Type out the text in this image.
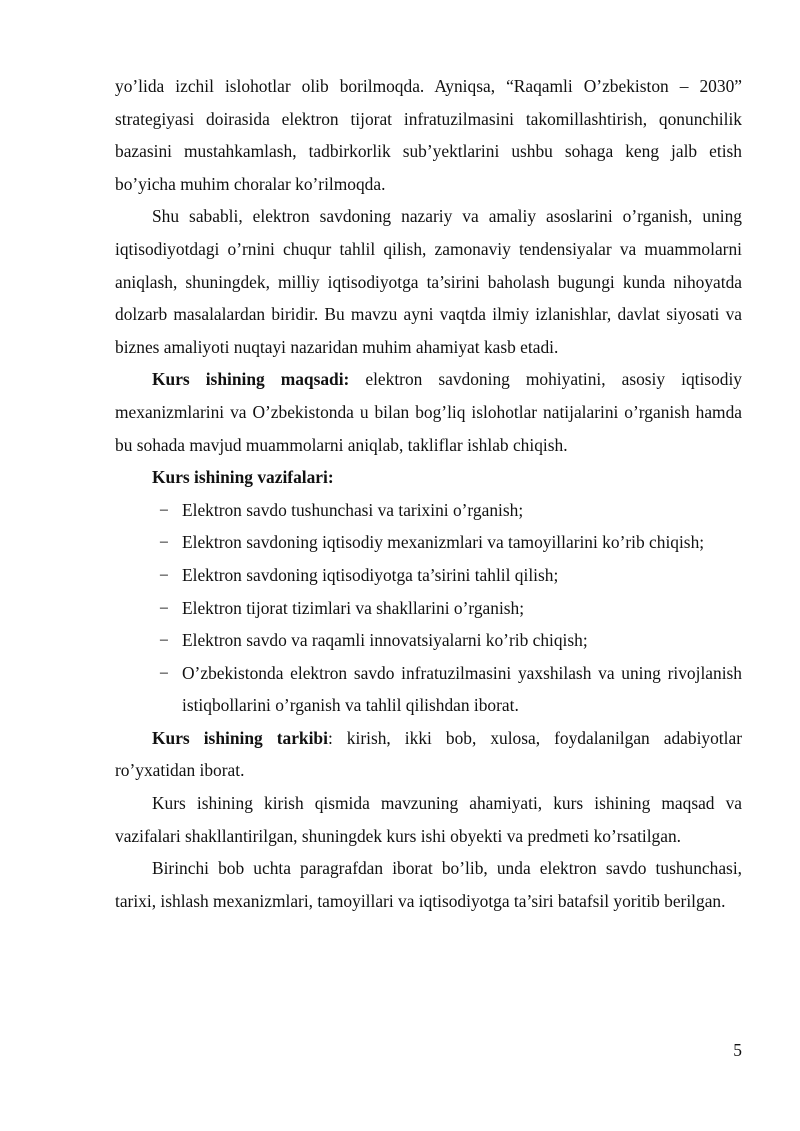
yo’lida izchil islohotlar olib borilmoqda. Ayniqsa, “Raqamli O’zbekiston – 2030” strategiyasi doirasida elektron tijorat infratuzilmasini takomillashtirish, qonunchilik bazasini mustahkamlash, tadbirkorlik sub’yektlarini ushbu sohaga keng jalb etish bo’yicha muhim choralar ko’rilmoqda.

Shu sababli, elektron savdoning nazariy va amaliy asoslarini o’rganish, uning iqtisodiyotdagi o’rnini chuqur tahlil qilish, zamonaviy tendensiyalar va muammolarni aniqlash, shuningdek, milliy iqtisodiyotga ta’sirini baholash bugungi kunda nihoyatda dolzarb masalalardan biridir. Bu mavzu ayni vaqtda ilmiy izlanishlar, davlat siyosati va biznes amaliyoti nuqtayi nazaridan muhim ahamiyat kasb etadi.

Kurs ishining maqsadi: elektron savdoning mohiyatini, asosiy iqtisodiy mexanizmlarini va O’zbekistonda u bilan bog’liq islohotlar natijalarini o’rganish hamda bu sohada mavjud muammolarni aniqlab, takliflar ishlab chiqish.

Kurs ishining vazifalari:

− Elektron savdo tushunchasi va tarixini o’rganish;
− Elektron savdoning iqtisodiy mexanizmlari va tamoyillarini ko’rib chiqish;
− Elektron savdoning iqtisodiyotga ta’sirini tahlil qilish;
− Elektron tijorat tizimlari va shakllarini o’rganish;
− Elektron savdo va raqamli innovatsiyalarni ko’rib chiqish;
− O’zbekistonda elektron savdo infratuzilmasini yaxshilash va uning rivojlanish istiqbollarini o’rganish va tahlil qilishdan iborat.

Kurs ishining tarkibi: kirish, ikki bob, xulosa, foydalanilgan adabiyotlar ro’yxatidan iborat.

Kurs ishining kirish qismida mavzuning ahamiyati, kurs ishining maqsad va vazifalari shakllantirilgan, shuningdek kurs ishi obyekti va predmeti ko’rsatilgan.

Birinchi bob uchta paragrafdan iborat bo’lib, unda elektron savdo tushunchasi, tarixi, ishlash mexanizmlari, tamoyillari va iqtisodiyotga ta’siri batafsil yoritib berilgan.

5
